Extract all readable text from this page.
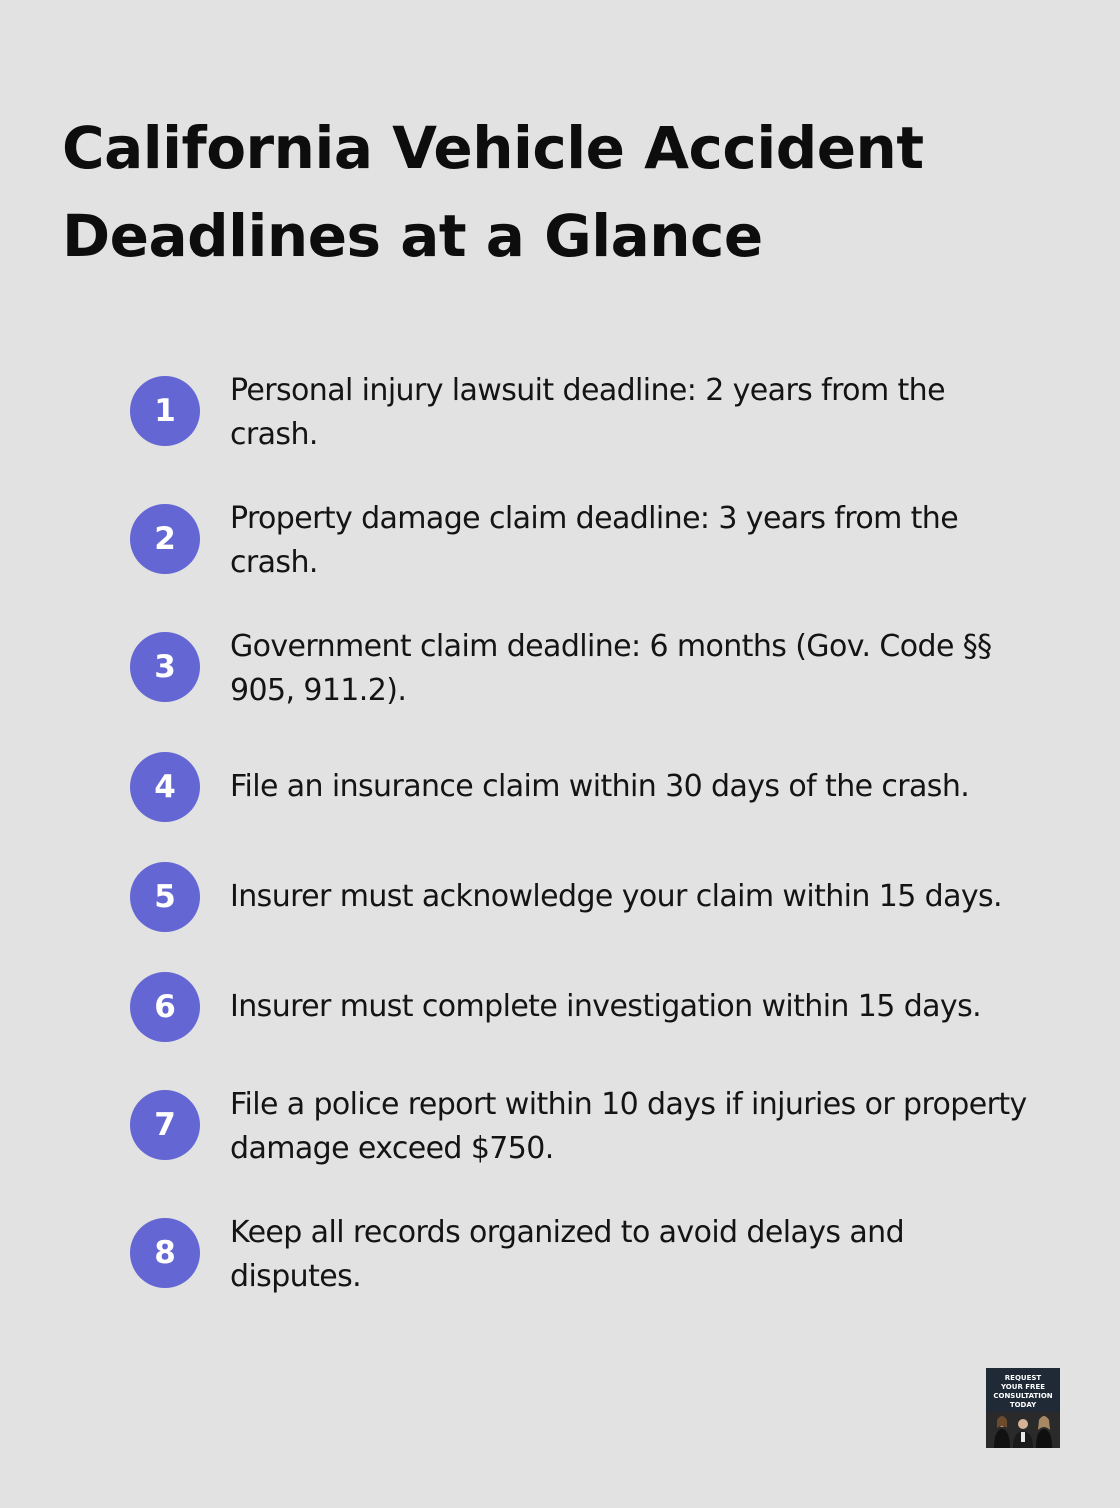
California Vehicle Accident Deadlines at a Glance
1
Personal injury lawsuit deadline: 2 years from the crash.
2
Property damage claim deadline: 3 years from the crash.
3
Government claim deadline: 6 months (Gov. Code §§ 905, 911.2).
4	File an insurance claim within 30 days of the crash.
5	Insurer must acknowledge your claim within 15 days.
6	Insurer must complete investigation within 15 days.
7
File a police report within 10 days if injuries or property damage exceed $750.
8
Keep all records organized to avoid delays and disputes.
REQUEST
YOUR FREE
CONSULTATION
TODAY
